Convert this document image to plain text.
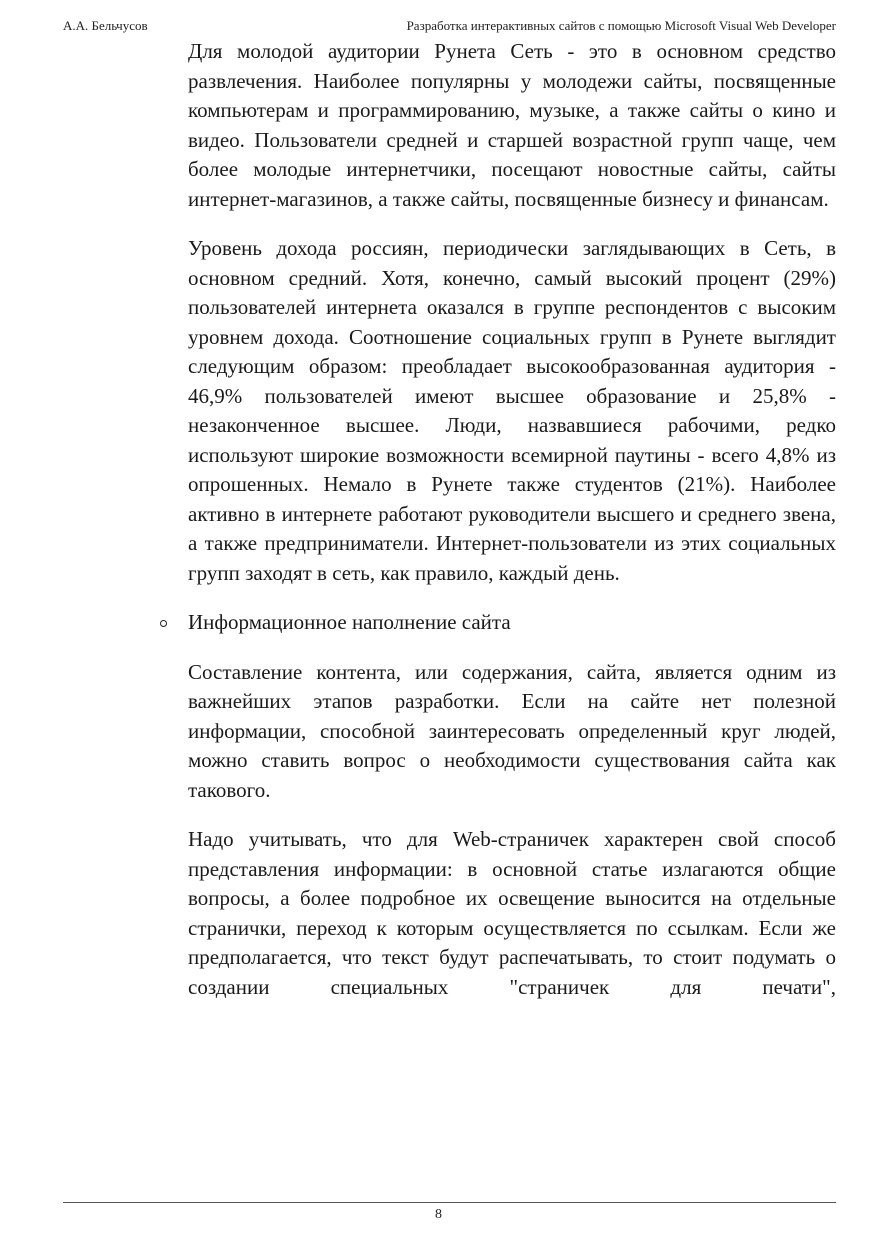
А.А. Бельчусов	Разработка интерактивных сайтов с помощью Microsoft Visual Web Developer

Для молодой аудитории Рунета Сеть - это в основном средство развлечения. Наиболее популярны у молодежи сайты, посвященные компьютерам и программированию, музыке, а также сайты о кино и видео. Пользователи средней и старшей возрастной групп чаще, чем более молодые интернетчики, посещают новостные сайты, сайты интернет-магазинов, а также сайты, посвященные бизнесу и финансам.

Уровень дохода россиян, периодически заглядывающих в Сеть, в основном средний. Хотя, конечно, самый высокий процент (29%) пользователей интернета оказался в группе респондентов с высоким уровнем дохода. Соотношение социальных групп в Рунете выглядит следующим образом: преобладает высокообразованная аудитория - 46,9% пользователей имеют высшее образование и 25,8% - незаконченное высшее. Люди, назвавшиеся рабочими, редко используют широкие возможности всемирной паутины - всего 4,8% из опрошенных. Немало в Рунете также студентов (21%). Наиболее активно в интернете работают руководители высшего и среднего звена, а также предприниматели. Интернет-пользователи из этих социальных групп заходят в сеть, как правило, каждый день.

Информационное наполнение сайта

Составление контента, или содержания, сайта, является одним из важнейших этапов разработки. Если на сайте нет полезной информации, способной заинтересовать определенный круг людей, можно ставить вопрос о необходимости существования сайта как такового.

Надо учитывать, что для Web-страничек характерен свой способ представления информации: в основной статье излагаются общие вопросы, а более подробное их освещение выносится на отдельные странички, переход к которым осуществляется по ссылкам. Если же предполагается, что текст будут распечатывать, то стоит подумать о создании специальных "страничек для печати",

8
